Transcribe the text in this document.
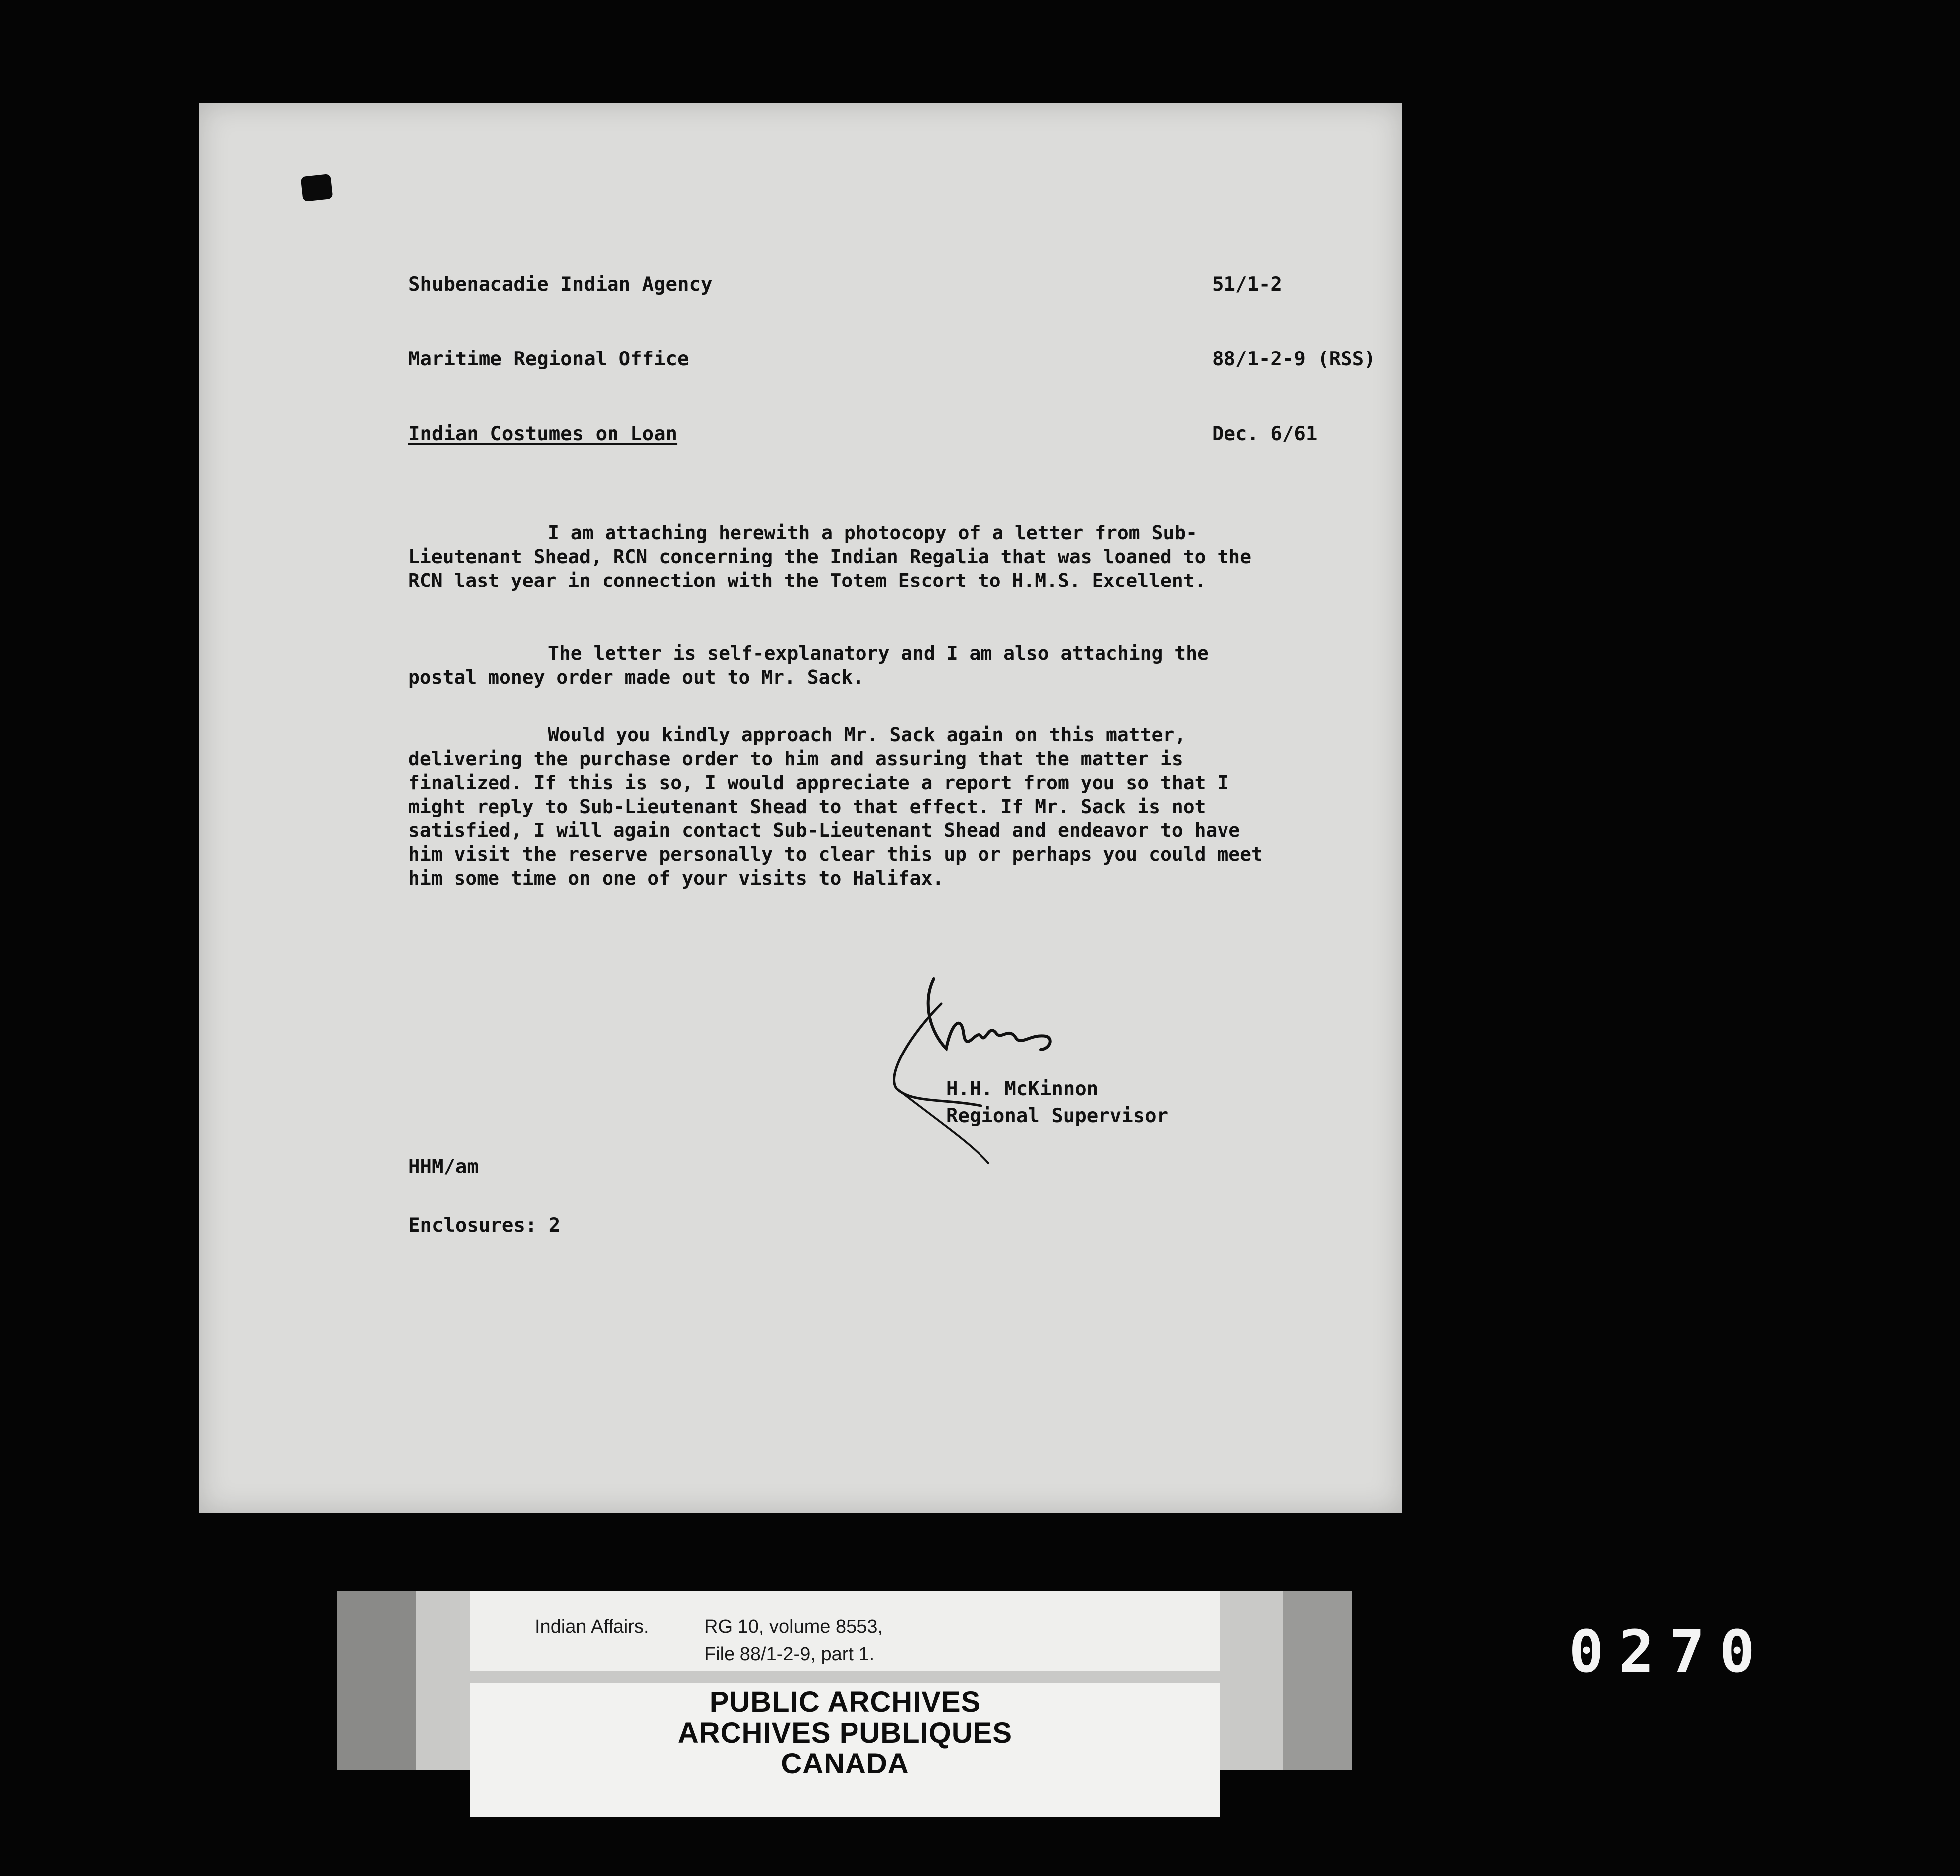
Shubenacadie Indian Agency
Maritime Regional Office
Indian Costumes on Loan
51/1-2
88/1-2-9 (RSS)
Dec. 6/61

I am attaching herewith a photocopy of a letter from Sub-Lieutenant Shead, RCN concerning the Indian Regalia that was loaned to the RCN last year in connection with the Totem Escort to H.M.S. Excellent.

The letter is self-explanatory and I am also attaching the postal money order made out to Mr. Sack.

Would you kindly approach Mr. Sack again on this matter, delivering the purchase order to him and assuring that the matter is finalized. If this is so, I would appreciate a report from you so that I might reply to Sub-Lieutenant Shead to that effect. If Mr. Sack is not satisfied, I will again contact Sub-Lieutenant Shead and endeavor to have him visit the reserve personally to clear this up or perhaps you could meet him some time on one of your visits to Halifax.

H.H. McKinnon
Regional Supervisor
HHM/am
Enclosures: 2
Indian Affairs.	RG 10, volume 8553,
File 88/1-2-9, part 1.
PUBLIC ARCHIVES
ARCHIVES PUBLIQUES
CANADA
0270
